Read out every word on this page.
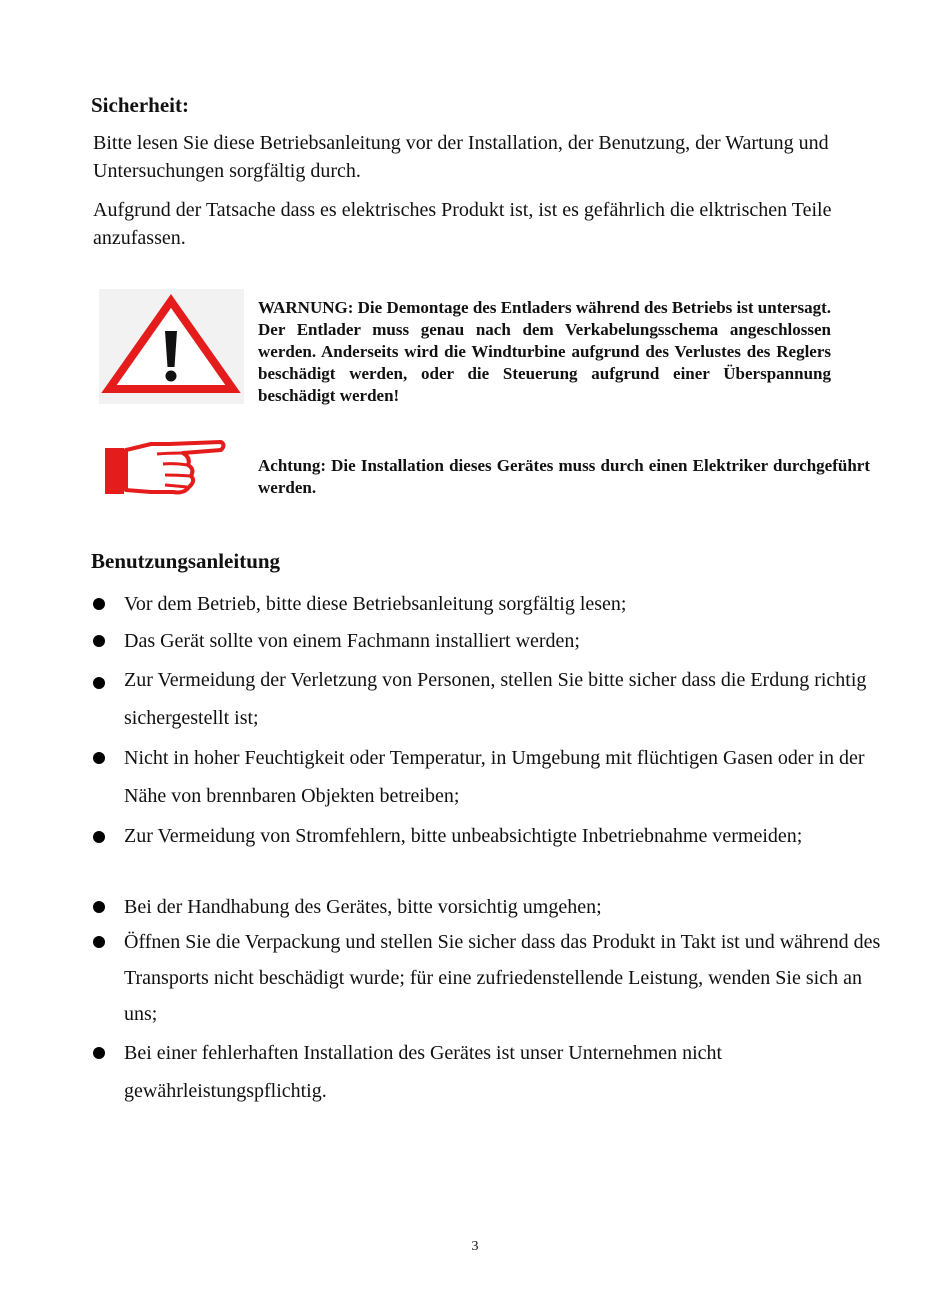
Sicherheit:
Bitte lesen Sie diese Betriebsanleitung vor der Installation, der Benutzung, der Wartung und Untersuchungen sorgfältig durch.
Aufgrund der Tatsache dass es elektrisches Produkt ist, ist es gefährlich die elktrischen Teile anzufassen.
WARNUNG: Die Demontage des Entladers während des Betriebs ist untersagt. Der Entlader muss genau nach dem Verkabelungsschema angeschlossen werden. Anderseits wird die Windturbine aufgrund des Verlustes des Reglers beschädigt werden, oder die Steuerung aufgrund einer Überspannung beschädigt werden!
Achtung: Die Installation dieses Gerätes muss durch einen Elektriker durchgeführt werden.
Benutzungsanleitung
Vor dem Betrieb, bitte diese Betriebsanleitung sorgfältig lesen;
Das Gerät sollte von einem Fachmann installiert werden;
Zur Vermeidung der Verletzung von Personen, stellen Sie bitte sicher dass die Erdung richtig sichergestellt ist;
Nicht in hoher Feuchtigkeit oder Temperatur, in Umgebung mit flüchtigen Gasen oder in der Nähe von brennbaren Objekten betreiben;
Zur Vermeidung von Stromfehlern, bitte unbeabsichtigte Inbetriebnahme vermeiden;
Bei der Handhabung des Gerätes, bitte vorsichtig umgehen;
Öffnen Sie die Verpackung und stellen Sie sicher dass das Produkt in Takt ist und während des Transports nicht beschädigt wurde; für eine zufriedenstellende Leistung, wenden Sie sich an uns;
Bei einer fehlerhaften Installation des Gerätes ist unser Unternehmen nicht gewährleistungspflichtig.
3
